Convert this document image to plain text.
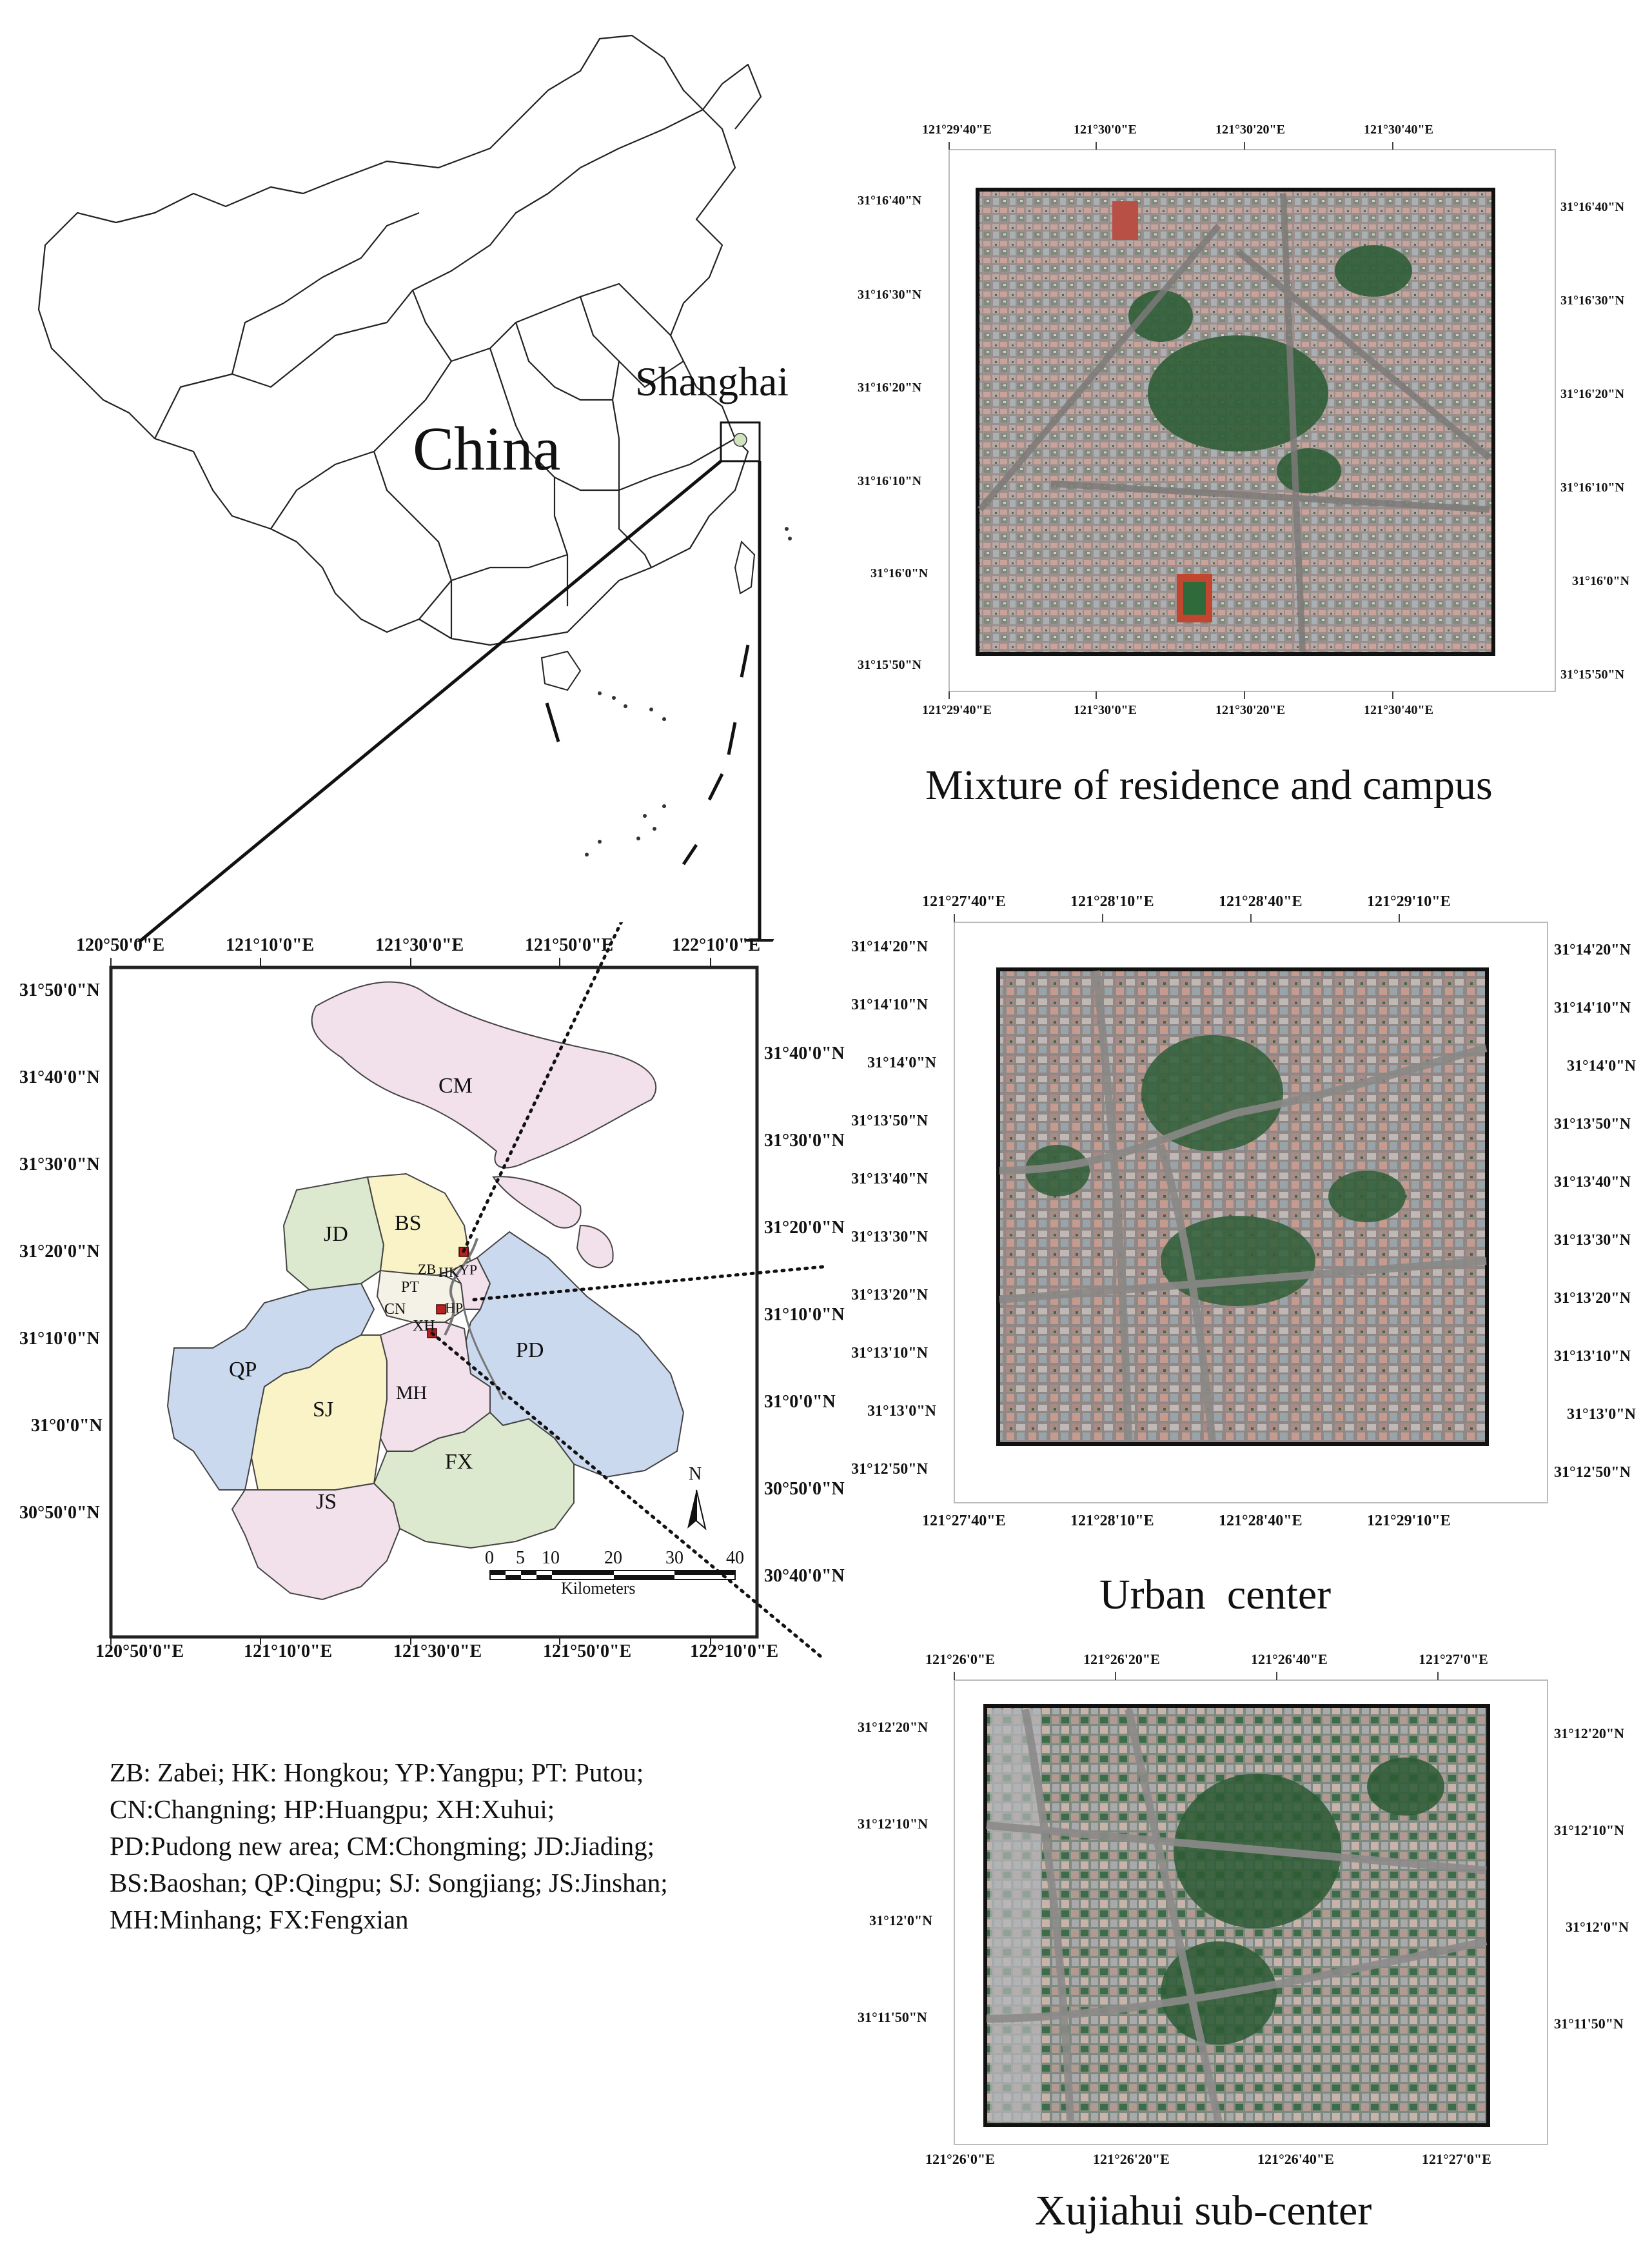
China
Shanghai
120°50'0"E	121°10'0"E	121°30'0"E	121°50'0"E	122°10'0"E
120°50'0"E	121°10'0"E	121°30'0"E	121°50'0"E	122°10'0"E
31°50'0"N
31°40'0"N
31°30'0"N
31°20'0"N
31°10'0"N
31°0'0"N
30°50'0"N
31°40'0"N
31°30'0"N
31°20'0"N
31°10'0"N
31°0'0"N
30°50'0"N
30°40'0"N
CM
JD BS
PT
ZB HK YP
CN	HP
XH
PD
QP
SJ
MH
FX
JS
N
0 5 10 20 30 40
Kilometers
ZB: Zabei; HK: Hongkou; YP:Yangpu; PT: Putou;
CN:Changning; HP:Huangpu; XH:Xuhui;
PD:Pudong new area; CM:Chongming; JD:Jiading;
BS:Baoshan; QP:Qingpu; SJ: Songjiang; JS:Jinshan;
MH:Minhang; FX:Fengxian
121°29'40"E	121°30'0"E	121°30'20"E	121°30'40"E
121°29'40"E	121°30'0"E	121°30'20"E	121°30'40"E
31°16'40"N
31°16'30"N
31°16'20"N
31°16'10"N
31°16'0"N
31°15'50"N
31°16'40"N
31°16'30"N
31°16'20"N
31°16'10"N
31°16'0"N
31°15'50"N
Mixture of residence and campus
121°27'40"E	121°28'10"E	121°28'40"E	121°29'10"E
121°27'40"E	121°28'10"E	121°28'40"E	121°29'10"E
31°14'20"N
31°14'10"N
31°14'0"N
31°13'50"N
31°13'40"N
31°13'30"N
31°13'20"N
31°13'10"N
31°13'0"N
31°12'50"N
31°14'20"N
31°14'10"N
31°14'0"N
31°13'50"N
31°13'40"N
31°13'30"N
31°13'20"N
31°13'10"N
31°13'0"N
31°12'50"N
Urban  center
121°26'0"E	121°26'20"E	121°26'40"E	121°27'0"E
121°26'0"E	121°26'20"E	121°26'40"E	121°27'0"E
31°12'20"N
31°12'10"N
31°12'0"N
31°11'50"N
31°12'20"N
31°12'10"N
31°12'0"N
31°11'50"N
Xujiahui sub-center
